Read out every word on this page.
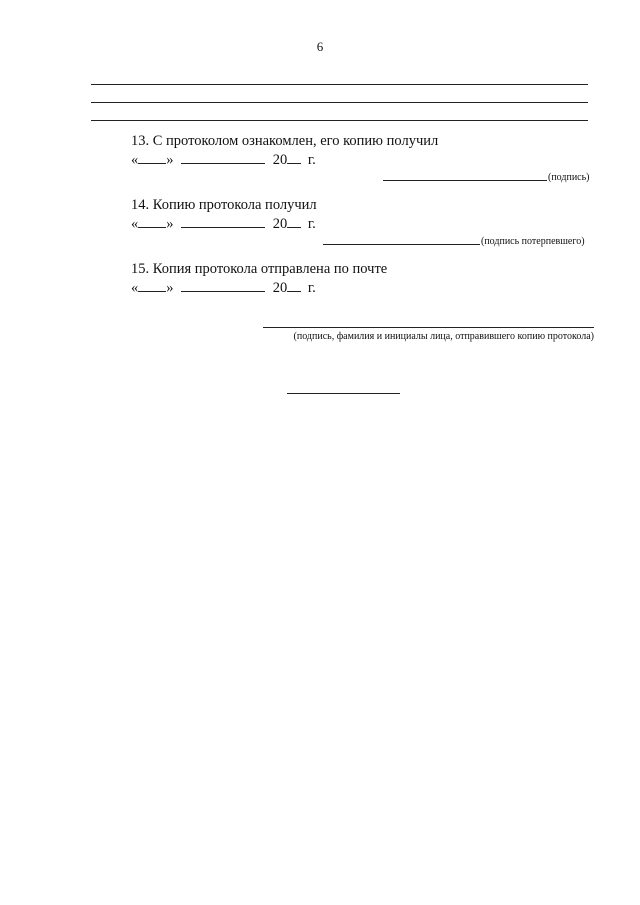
6
13. С протоколом ознакомлен, его копию получил
« »	20 г.
(подпись)
14. Копию протокола получил
« »	20 г.
(подпись потерпевшего)
15. Копия протокола отправлена по почте
« »	20 г.
(подпись, фамилия и инициалы лица, отправившего копию протокола)
